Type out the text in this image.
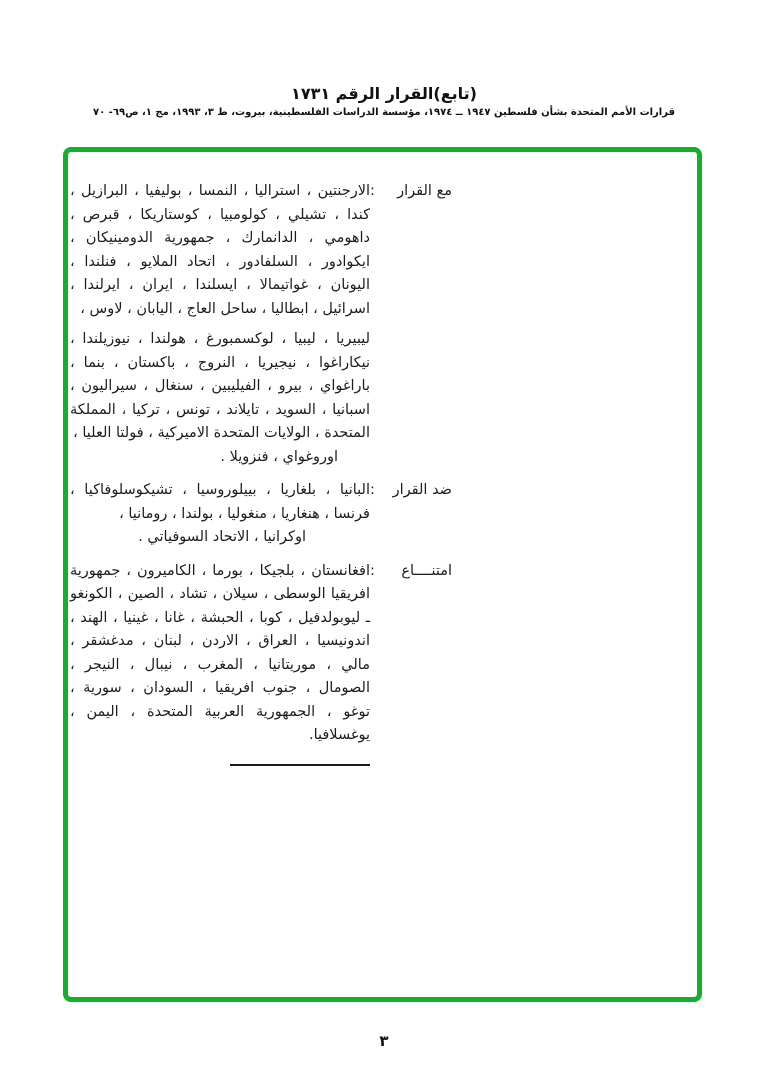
(تابع)القرار الرقم ١٧٣١
قرارات الأمم المتحدة بشأن فلسطين ١٩٤٧ ــ ١٩٧٤، مؤسسة الدراسات الفلسطينية، بيروت، ط ٣، ١٩٩٣، مج ١، ص٦٩- ٧٠
مع القرار
:

الارجنتين ، استراليا ، النمسا ، بوليفيا ، البرازيل ، كندا ، تشيلي ، كولومبيا ، كوستاريكا ، قبرص ، داهومي ، الدانمارك ، جمهورية الدومينيكان ، ايكوادور ، السلفادور ، اتحاد الملايو ، فنلندا ، اليونان ، غواتيمالا ، ايسلندا ، ايران ، ايرلندا ، اسرائيل ، ابطاليا ، ساحل العاج ، اليابان ، لاوس ،

ليبيريا ، ليبيا ، لوكسمبورغ ، هولندا ، نيوزيلندا ، نيكاراغوا ، نيجيريا ، النروج ، باكستان ، بنما ، باراغواي ، بيرو ، الفيليبين ، سنغال ، سيراليون ، اسبانيا ، السويد ، تايلاند ، تونس ، تركيا ، المملكة المتحدة ، الولايات المتحدة الاميركية ، فولتا العليا ،

اوروغواي ، فنزويلا .
ضد القرار
:

البانيا ، بلغاريا ، بييلوروسيا ، تشيكوسلوفاكيا ، فرنسا ، هنغاريا ، منغوليا ، بولندا ، رومانيا ،

اوكرانيا ، الاتحاد السوفياتي .
امتنــــاع
:

افغانستان ، بلجيكا ، بورما ، الكاميرون ، جمهورية افريقيا الوسطى ، سيلان ، تشاد ، الصين ، الكونغو ـ ليوبولدفيل ، كوبا ، الحبشة ، غانا ، غينيا ، الهند ، اندونيسيا ، العراق ، الاردن ، لبنان ، مدغشقر ، مالي ، موريتانيا ، المغرب ، نيبال ، النيجر ، الصومال ، جنوب افريقيا ، السودان ، سورية ، توغو ، الجمهورية العربية المتحدة ، اليمن ، يوغسلافيا.

٣
